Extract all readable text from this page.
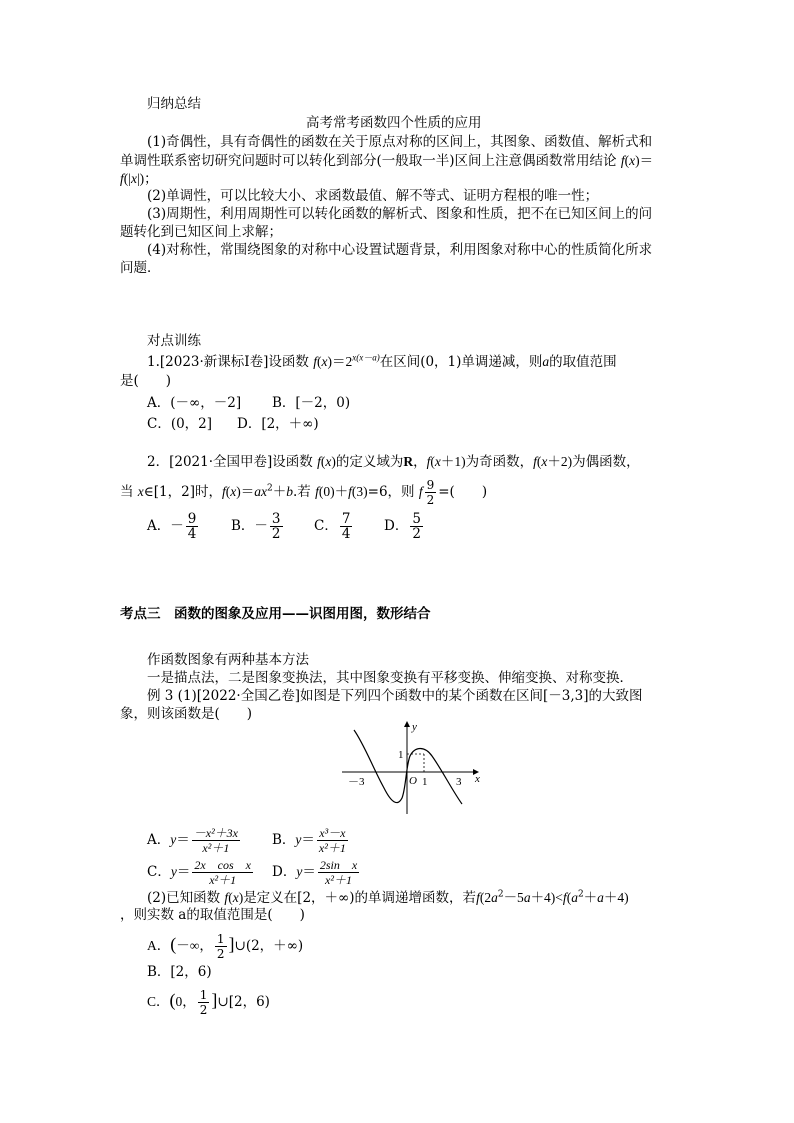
归纳总结
高考常考函数四个性质的应用
(1)奇偶性，具有奇偶性的函数在关于原点对称的区间上，其图象、函数值、解析式和
单调性联系密切研究问题时可以转化到部分(一般取一半)区间上注意偶函数常用结论 f(x)＝
f(|x|)；
(2)单调性，可以比较大小、求函数最值、解不等式、证明方程根的唯一性；
(3)周期性，利用周期性可以转化函数的解析式、图象和性质，把不在已知区间上的问
题转化到已知区间上求解；
(4)对称性，常围绕图象的对称中心设置试题背景，利用图象对称中心的性质简化所求
问题．
对点训练
1.[2023·新课标Ⅰ卷]设函数 $f(x)=2^{x(x-a)}$在区间(0，1)单调递减，则a的取值范围
是(　　)
A．(－∞，－2] B．[－2，0)
C．(0，2] D．[2，＋∞)
2．[2021·全国甲卷]设函数 f(x)的定义域为R，f(x＋1)为奇函数，f(x＋2)为偶函数，
当 x∈[1，2]时，$f(x)=ax^2+b$.若 f(0)＋f(3)=6，则 f $\frac{9}{2}$ =(　　)
A．－ $\frac{9}{4}$ B．－ $\frac{3}{2}$ C． $\frac{7}{4}$ D． $\frac{5}{2}$
考点三　函数的图象及应用——识图用图，数形结合
作函数图象有两种基本方法
一是描点法，二是图象变换法，其中图象变换有平移变换、伸缩变换、对称变换．
例 3 (1)[2022·全国乙卷]如图是下列四个函数中的某个函数在区间[－3,3]的大致图
象，则该函数是(　　)
y
x
－3	3
1
1
O
A．$y= \frac{\text{－x²＋3x}}{\text{x²＋1}}$ B．$y= \frac{\text{x³－x}}{\text{x²＋1}}$
C．$y= \frac{\text{2x　cos　x}}{\text{x²＋1}}$ D．$y= \frac{\text{2sin　x}}{\text{x²＋1}}$
(2)已知函数 f(x)是定义在[2，＋∞)的单调递增函数，若$f(2a^2-5a+4)<f(a^2+a+4)$
，则实数 a的取值范围是(　　)
A．(－∞， $\frac{1}{2}$ ]∪(2，＋∞)
B．[2，6)
C．(0， $\frac{1}{2}$ ]∪[2，6)
